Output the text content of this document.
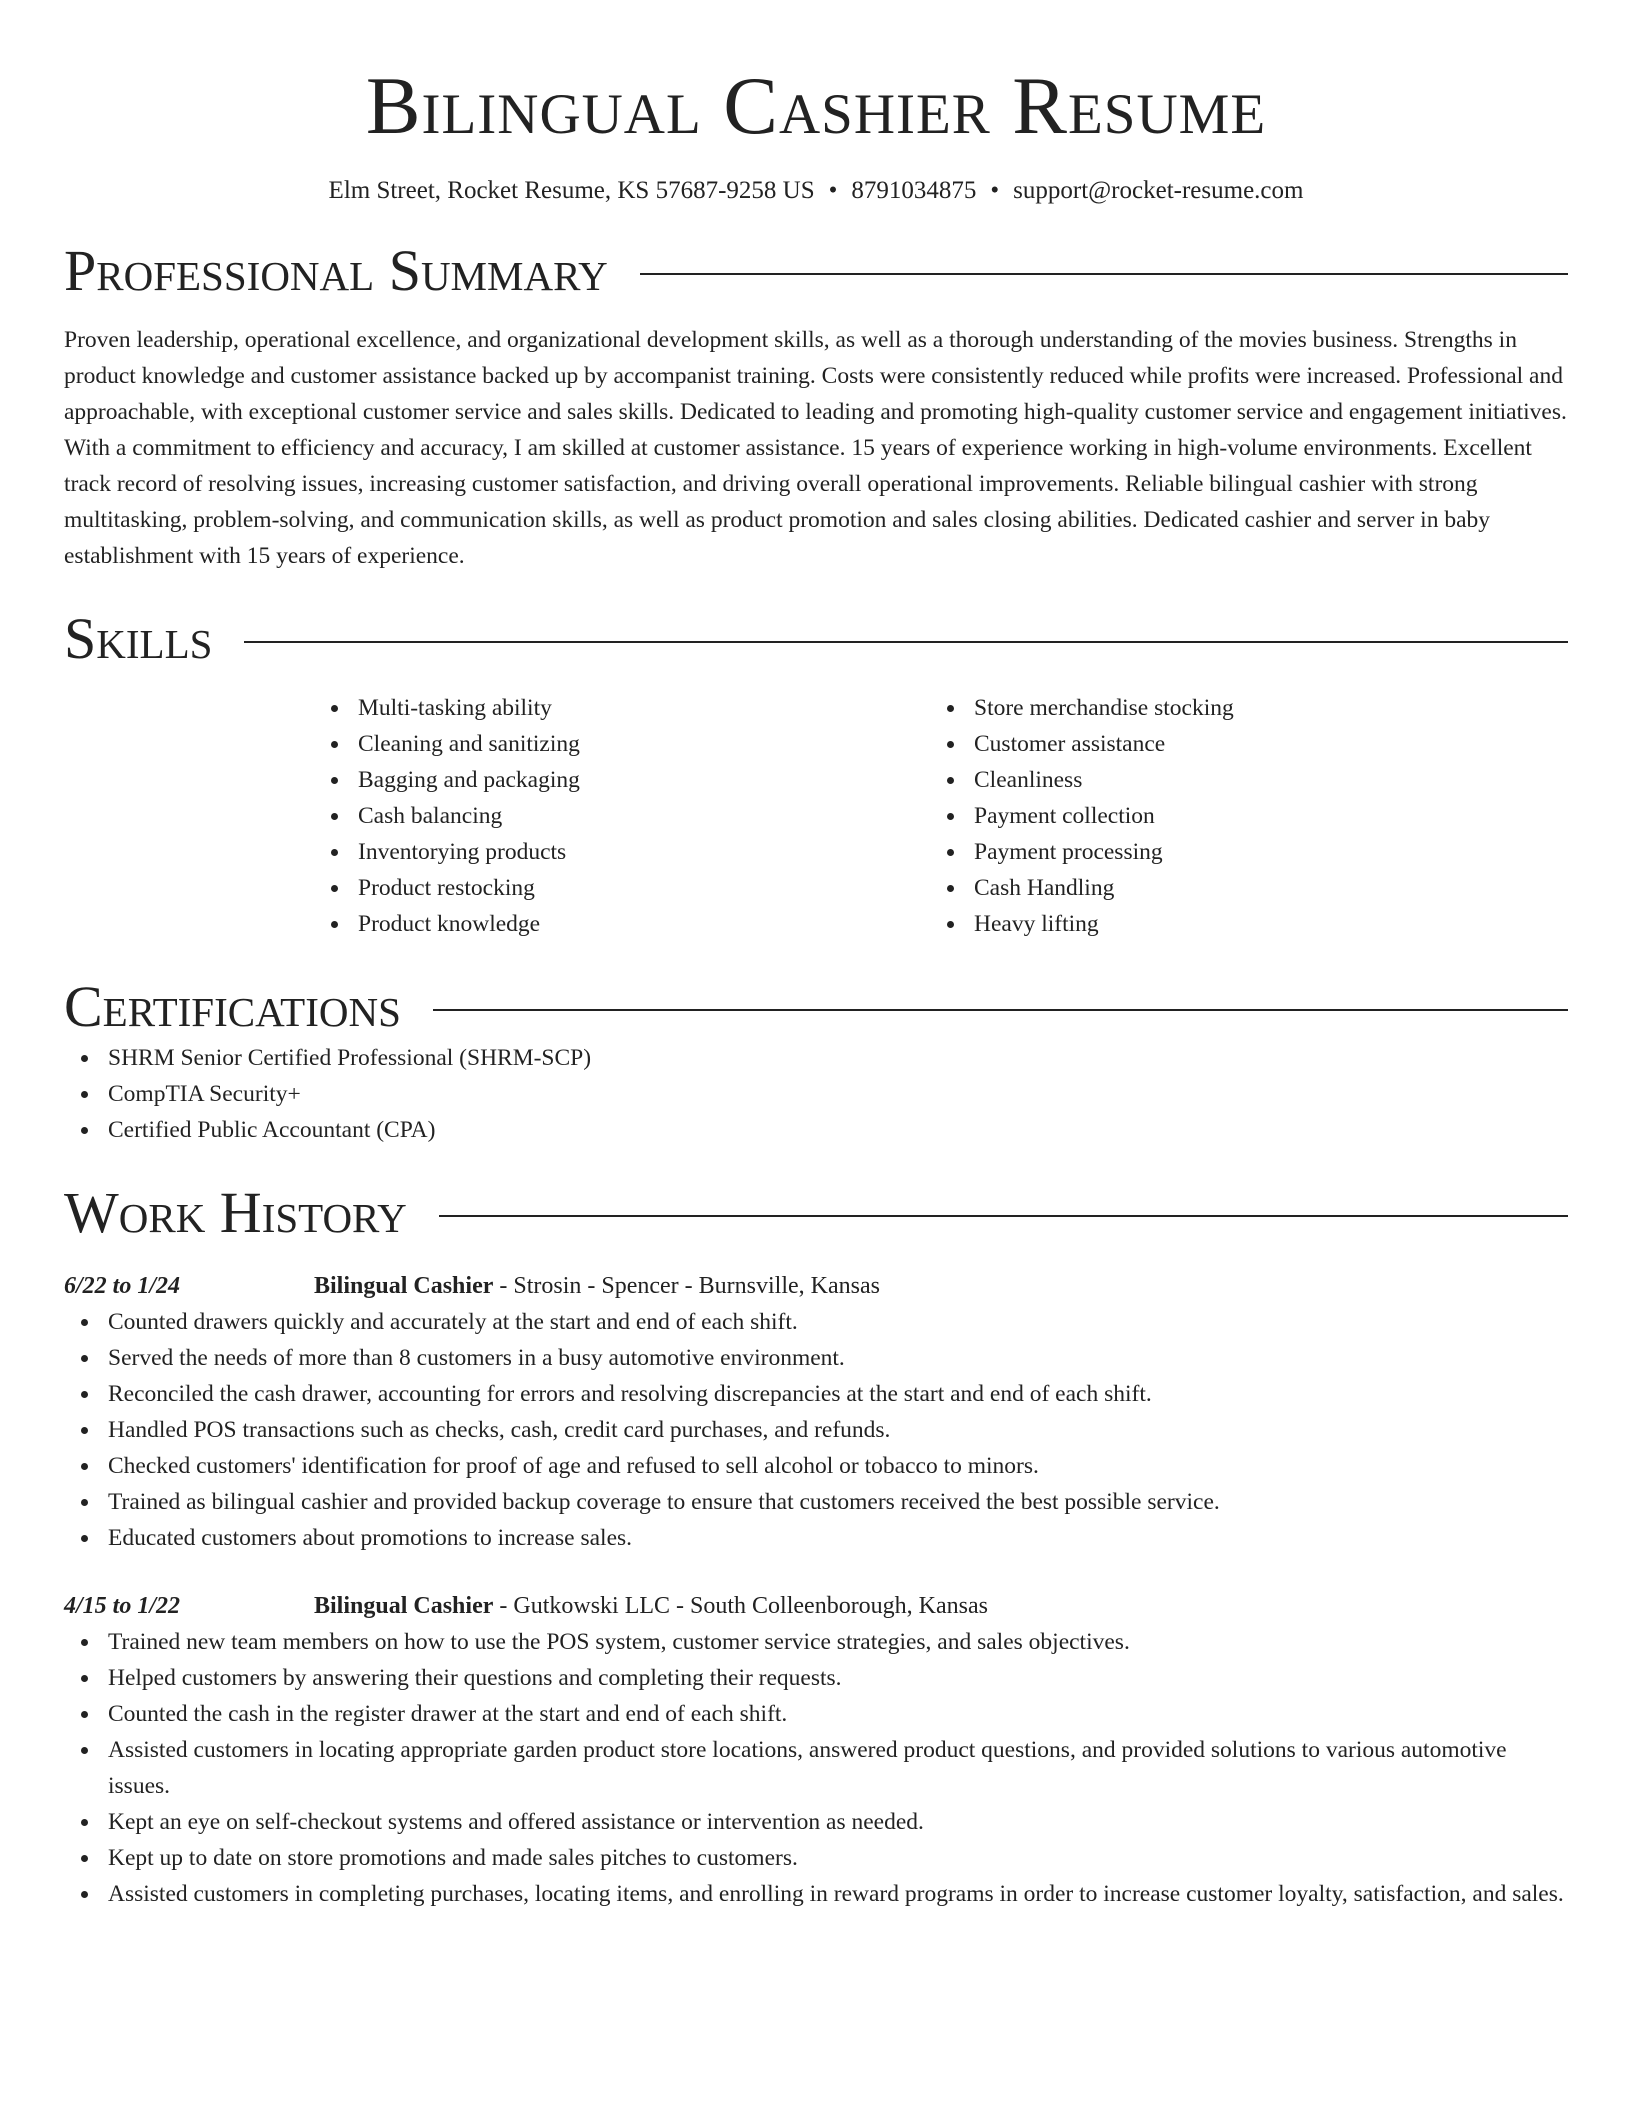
Bilingual Cashier Resume
Elm Street, Rocket Resume, KS 57687-9258 US • 8791034875 • support@rocket-resume.com
Professional Summary

Proven leadership, operational excellence, and organizational development skills, as well as a thorough understanding of the movies business. Strengths in product knowledge and customer assistance backed up by accompanist training. Costs were consistently reduced while profits were increased. Professional and approachable, with exceptional customer service and sales skills. Dedicated to leading and promoting high-quality customer service and engagement initiatives. With a commitment to efficiency and accuracy, I am skilled at customer assistance. 15 years of experience working in high-volume environments. Excellent track record of resolving issues, increasing customer satisfaction, and driving overall operational improvements. Reliable bilingual cashier with strong multitasking, problem-solving, and communication skills, as well as product promotion and sales closing abilities. Dedicated cashier and server in baby establishment with 15 years of experience.

Skills
Multi-tasking ability
Cleaning and sanitizing
Bagging and packaging
Cash balancing
Inventorying products
Product restocking
Product knowledge
Store merchandise stocking
Customer assistance
Cleanliness
Payment collection
Payment processing
Cash Handling
Heavy lifting
Certifications
SHRM Senior Certified Professional (SHRM-SCP)
CompTIA Security+
Certified Public Accountant (CPA)
Work History
6/22 to 1/24	Bilingual Cashier - Strosin - Spencer - Burnsville, Kansas
Counted drawers quickly and accurately at the start and end of each shift.
Served the needs of more than 8 customers in a busy automotive environment.
Reconciled the cash drawer, accounting for errors and resolving discrepancies at the start and end of each shift.
Handled POS transactions such as checks, cash, credit card purchases, and refunds.
Checked customers' identification for proof of age and refused to sell alcohol or tobacco to minors.
Trained as bilingual cashier and provided backup coverage to ensure that customers received the best possible service.
Educated customers about promotions to increase sales.
4/15 to 1/22	Bilingual Cashier - Gutkowski LLC - South Colleenborough, Kansas
Trained new team members on how to use the POS system, customer service strategies, and sales objectives.
Helped customers by answering their questions and completing their requests.
Counted the cash in the register drawer at the start and end of each shift.
Assisted customers in locating appropriate garden product store locations, answered product questions, and provided solutions to various automotive issues.
Kept an eye on self-checkout systems and offered assistance or intervention as needed.
Kept up to date on store promotions and made sales pitches to customers.
Assisted customers in completing purchases, locating items, and enrolling in reward programs in order to increase customer loyalty, satisfaction, and sales.
